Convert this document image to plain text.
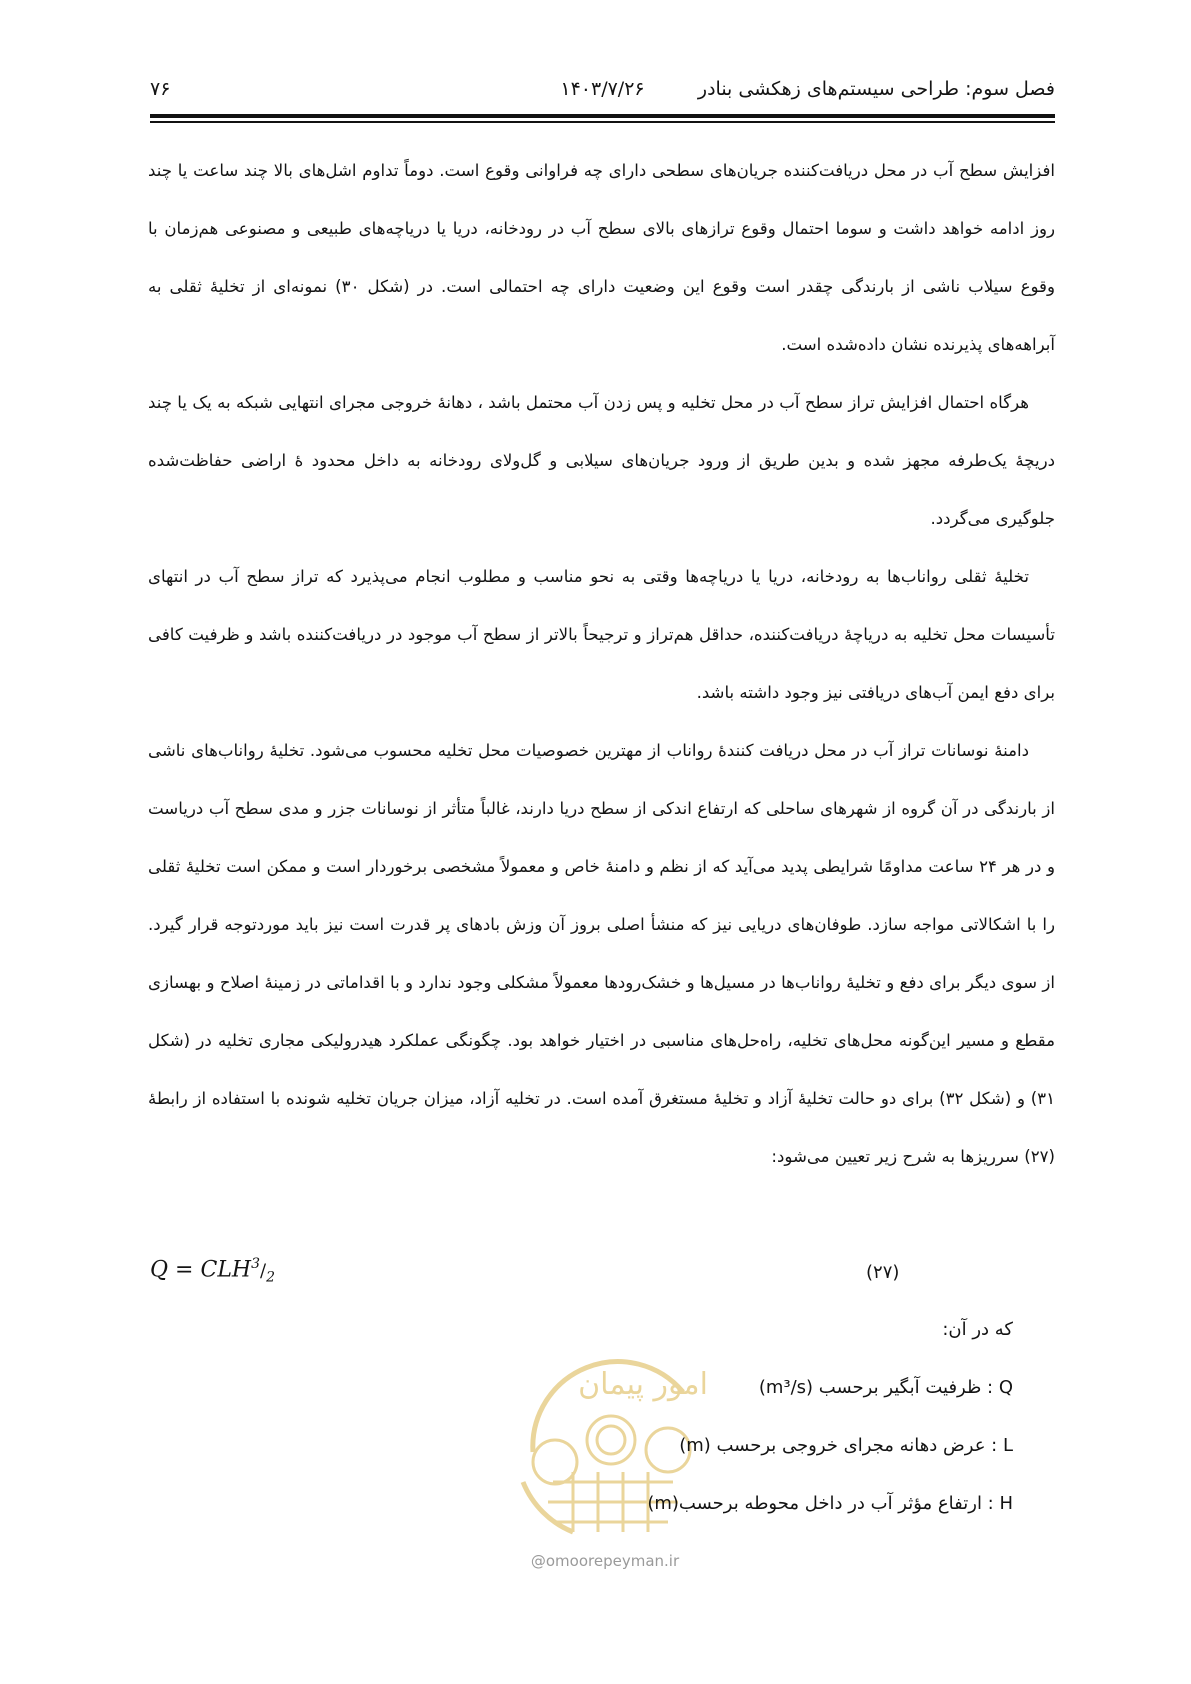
فصل سوم: طراحی سیستم‌های زهکشی بنادر
۱۴۰۳/۷/۲۶
۷۶

افزایش سطح آب در محل دریافت‌کننده جریان‌های سطحی دارای چه فراوانی وقوع است. دوماً تداوم اشل‌های بالا چند ساعت یا چند روز ادامه خواهد داشت و سوما احتمال وقوع ترازهای بالای سطح آب در رودخانه، دریا یا دریاچه‌های طبیعی و مصنوعی هم‌زمان با وقوع سیلاب ناشی از بارندگی چقدر است وقوع این وضعیت دارای چه احتمالی است. در (شکل ۳۰) نمونه‌ای از تخلیهٔ ثقلی به آبراهه‌های پذیرنده نشان داده‌شده است.

هرگاه احتمال افزایش تراز سطح آب در محل تخلیه و پس زدن آب محتمل باشد ، دهانهٔ خروجی مجرای انتهایی شبکه به یک یا چند دریچهٔ یک‌طرفه مجهز شده و بدین طریق از ورود جریان‌های سیلابی و گل‌ولای رودخانه به داخل محدود هٔ اراضی حفاظت‌شده جلوگیری می‌گردد.

تخلیهٔ ثقلی رواناب‌ها به رودخانه، دریا یا دریاچه‌ها وقتی به نحو مناسب و مطلوب انجام می‌پذیرد که تراز سطح آب در انتهای تأسیسات محل تخلیه به دریاچهٔ دریافت‌کننده، حداقل هم‌تراز و ترجیحاً بالاتر از سطح آب موجود در دریافت‌کننده باشد و ظرفیت کافی برای دفع ایمن آب‌های دریافتی نیز وجود داشته باشد.

دامنهٔ نوسانات تراز آب در محل دریافت کنندهٔ رواناب از مهترین خصوصیات محل تخلیه محسوب می‌شود. تخلیهٔ رواناب‌های ناشی از بارندگی در آن گروه از شهرهای ساحلی که ارتفاع اندکی از سطح دریا دارند، غالباً متأثر از نوسانات جزر و مدی سطح آب دریاست و در هر ۲۴ ساعت مداومًا شرایطی پدید می‌آید که از نظم و دامنهٔ خاص و معمولاً مشخصی برخوردار است و ممکن است تخلیهٔ ثقلی را با اشکالاتی مواجه سازد. طوفان‌های دریایی نیز که منشأ اصلی بروز آن وزش بادهای پر قدرت است نیز باید موردتوجه قرار گیرد. از سوی دیگر برای دفع و تخلیهٔ رواناب‌ها در مسیل‌ها و خشک‌رودها معمولاً مشکلی وجود ندارد و با اقداماتی در زمینهٔ اصلاح و بهسازی مقطع و مسیر این‌گونه محل‌های تخلیه، راه‌حل‌های مناسبی در اختیار خواهد بود. چگونگی عملکرد هیدرولیکی مجاری تخلیه در (شکل ۳۱) و (شکل ۳۲) برای دو حالت تخلیهٔ آزاد و تخلیهٔ مستغرق آمده است. در تخلیه آزاد، میزان جریان تخلیه شونده با استفاده از رابطهٔ (۲۷) سرریزها به شرح زیر تعیین می‌شود:

$Q = CLH^3/_2$	(۲۷)
امور پیمان
که در آن:
Q : ظرفیت آبگیر برحسب (m³/s)
L : عرض دهانه مجرای خروجی برحسب (m)
H : ارتفاع مؤثر آب در داخل محوطه برحسب(m)
@omoorepeyman.ir
